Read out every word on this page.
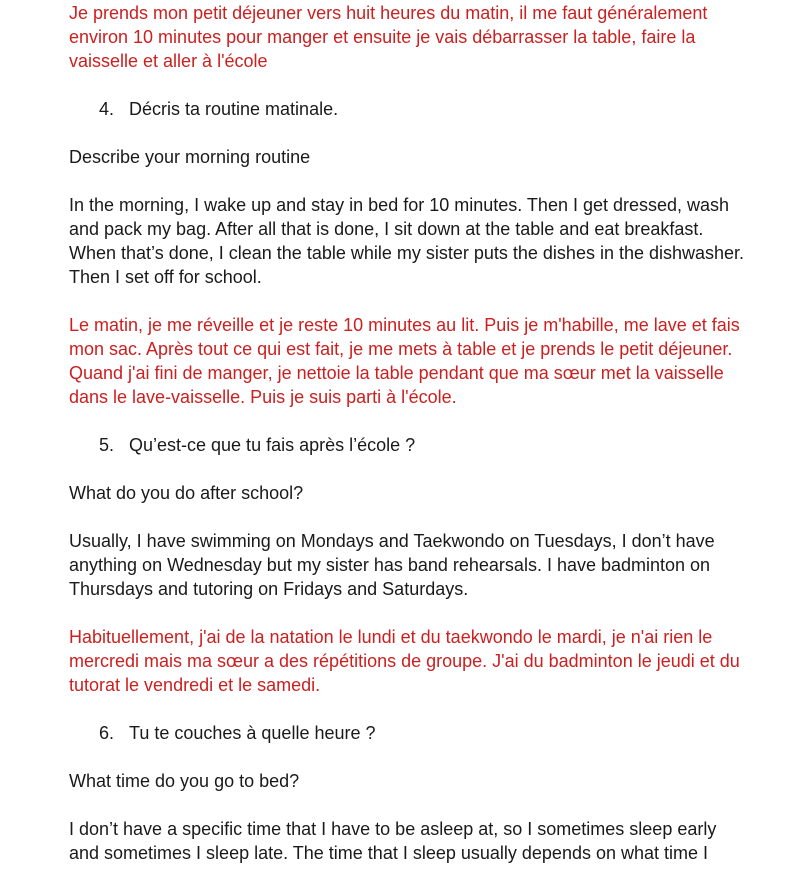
Je prends mon petit déjeuner vers huit heures du matin, il me faut généralement
environ 10 minutes pour manger et ensuite je vais débarrasser la table, faire la
vaisselle et aller à l'école

4. Décris ta routine matinale.

Describe your morning routine

In the morning, I wake up and stay in bed for 10 minutes. Then I get dressed, wash
and pack my bag. After all that is done, I sit down at the table and eat breakfast.
When that’s done, I clean the table while my sister puts the dishes in the dishwasher.
Then I set off for school.

Le matin, je me réveille et je reste 10 minutes au lit. Puis je m'habille, me lave et fais
mon sac. Après tout ce qui est fait, je me mets à table et je prends le petit déjeuner.
Quand j'ai fini de manger, je nettoie la table pendant que ma sœur met la vaisselle
dans le lave-vaisselle. Puis je suis parti à l'école.

5. Qu’est-ce que tu fais après l’école ?

What do you do after school?

Usually, I have swimming on Mondays and Taekwondo on Tuesdays, I don’t have
anything on Wednesday but my sister has band rehearsals. I have badminton on
Thursdays and tutoring on Fridays and Saturdays.

Habituellement, j'ai de la natation le lundi et du taekwondo le mardi, je n'ai rien le
mercredi mais ma sœur a des répétitions de groupe. J'ai du badminton le jeudi et du
tutorat le vendredi et le samedi.

6. Tu te couches à quelle heure ?

What time do you go to bed?

I don’t have a specific time that I have to be asleep at, so I sometimes sleep early
and sometimes I sleep late. The time that I sleep usually depends on what time I
